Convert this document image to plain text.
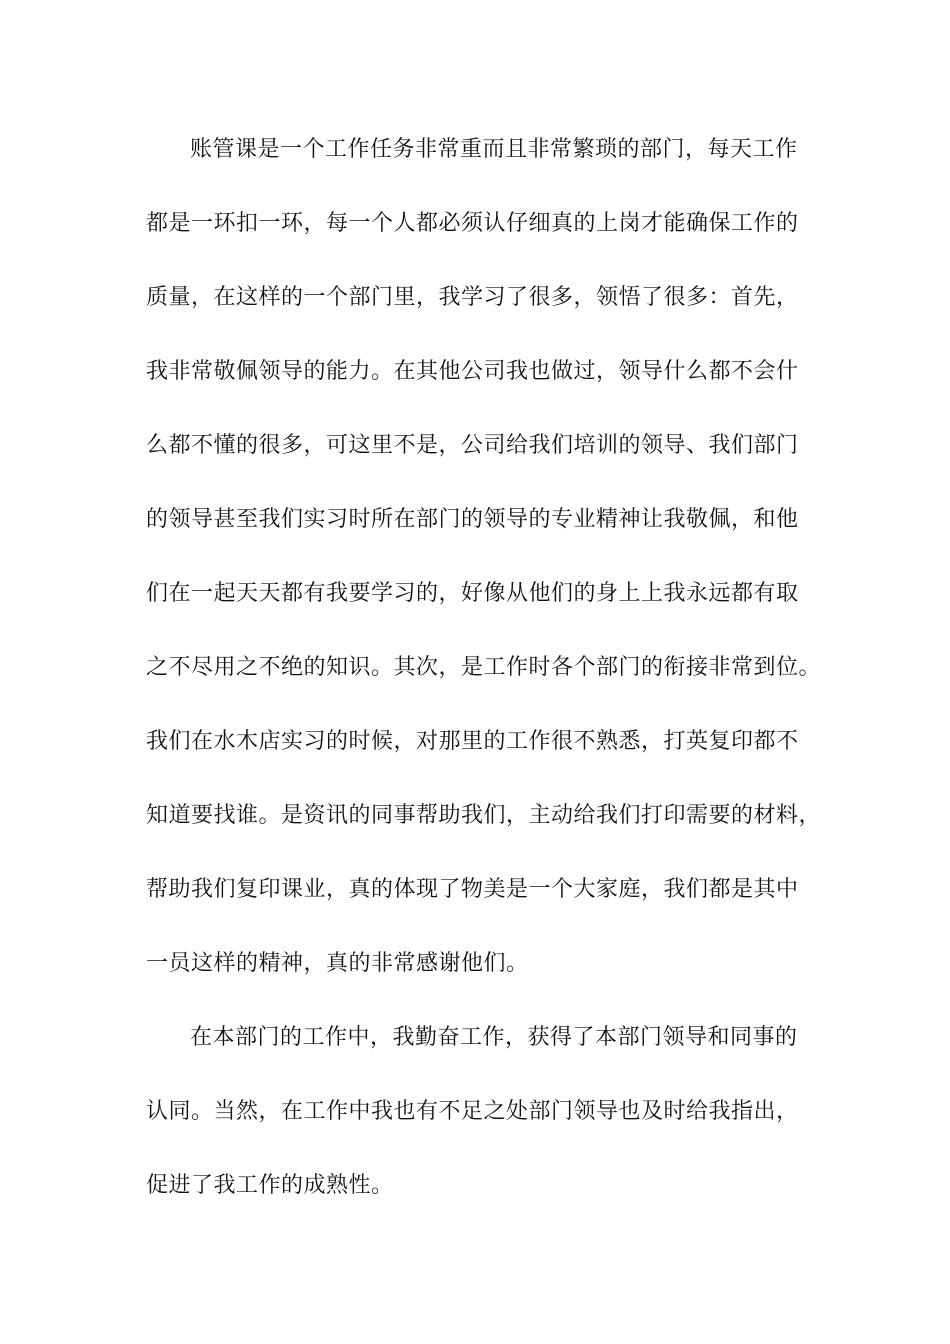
账管课是一个工作任务非常重而且非常繁琐的部门，每天工作
都是一环扣一环，每一个人都必须认仔细真的上岗才能确保工作的
质量，在这样的一个部门里，我学习了很多，领悟了很多：首先，
我非常敬佩领导的能力。在其他公司我也做过，领导什么都不会什
么都不懂的很多，可这里不是，公司给我们培训的领导、我们部门
的领导甚至我们实习时所在部门的领导的专业精神让我敬佩，和他
们在一起天天都有我要学习的，好像从他们的身上上我永远都有取
之不尽用之不绝的知识。其次，是工作时各个部门的衔接非常到位。
我们在水木店实习的时候，对那里的工作很不熟悉，打英复印都不
知道要找谁。是资讯的同事帮助我们，主动给我们打印需要的材料，
帮助我们复印课业，真的体现了物美是一个大家庭，我们都是其中
一员这样的精神，真的非常感谢他们。
在本部门的工作中，我勤奋工作，获得了本部门领导和同事的
认同。当然，在工作中我也有不足之处部门领导也及时给我指出，
促进了我工作的成熟性。
